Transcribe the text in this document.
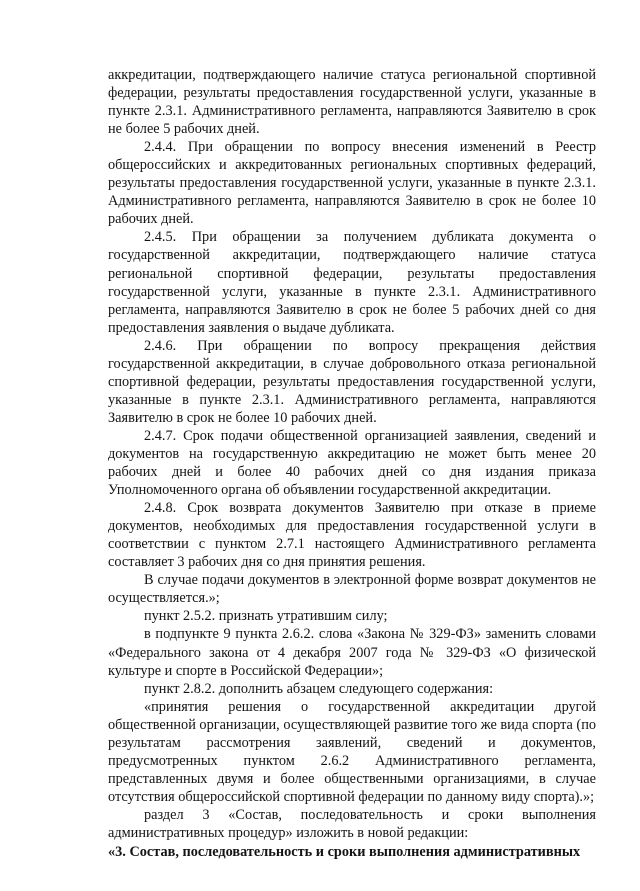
аккредитации, подтверждающего наличие статуса региональной спортивной федерации, результаты предоставления государственной услуги, указанные в пункте 2.3.1. Административного регламента, направляются Заявителю в срок не более 5 рабочих дней.

2.4.4. При обращении по вопросу внесения изменений в Реестр общероссийских и аккредитованных региональных спортивных федераций, результаты предоставления государственной услуги, указанные в пункте 2.3.1. Административного регламента, направляются Заявителю в срок не более 10 рабочих дней.

2.4.5. При обращении за получением дубликата документа о государственной аккредитации, подтверждающего наличие статуса региональной спортивной федерации, результаты предоставления государственной услуги, указанные в пункте 2.3.1. Административного регламента, направляются Заявителю в срок не более 5 рабочих дней со дня предоставления заявления о выдаче дубликата.

2.4.6. При обращении по вопросу прекращения действия государственной аккредитации, в случае добровольного отказа региональной спортивной федерации, результаты предоставления государственной услуги, указанные в пункте 2.3.1. Административного регламента, направляются Заявителю в срок не более 10 рабочих дней.

2.4.7. Срок подачи общественной организацией заявления, сведений и документов на государственную аккредитацию не может быть менее 20 рабочих дней и более 40 рабочих дней со дня издания приказа Уполномоченного органа об объявлении государственной аккредитации.

2.4.8. Срок возврата документов Заявителю при отказе в приеме документов, необходимых для предоставления государственной услуги в соответствии с пунктом 2.7.1 настоящего Административного регламента составляет 3 рабочих дня со дня принятия решения.

В случае подачи документов в электронной форме возврат документов не осуществляется.»;

пункт 2.5.2. признать утратившим силу;

в подпункте 9 пункта 2.6.2. слова «Закона № 329-ФЗ» заменить словами «Федерального закона от 4 декабря 2007 года № 329-ФЗ «О физической культуре и спорте в Российской Федерации»;

пункт 2.8.2. дополнить абзацем следующего содержания:

«принятия решения о государственной аккредитации другой общественной организации, осуществляющей развитие того же вида спорта (по результатам рассмотрения заявлений, сведений и документов, предусмотренных пунктом 2.6.2 Административного регламента, представленных двумя и более общественными организациями, в случае отсутствия общероссийской спортивной федерации по данному виду спорта).»;

раздел 3 «Состав, последовательность и сроки выполнения административных процедур» изложить в новой редакции:

«3. Состав, последовательность и сроки выполнения административных
